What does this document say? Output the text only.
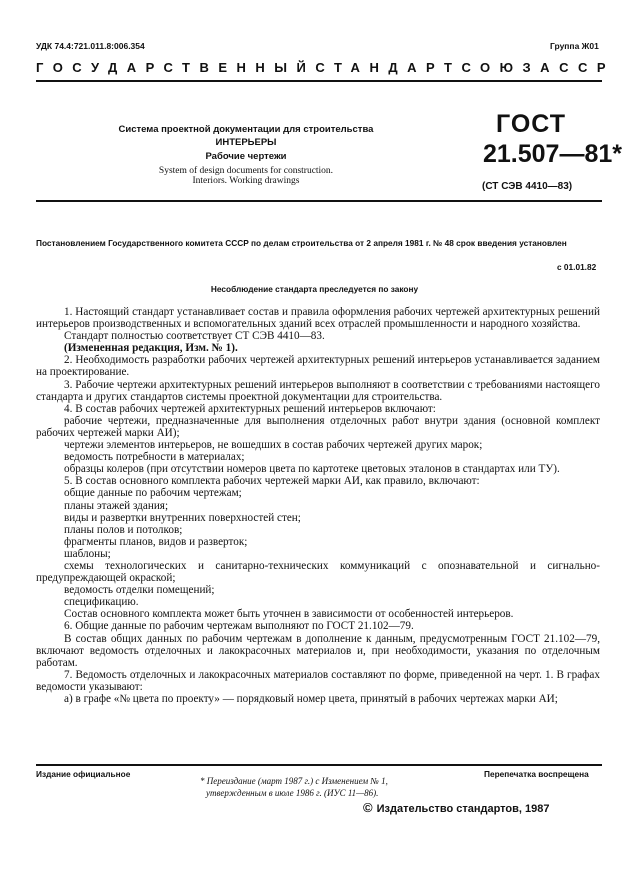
УДК 74.4:721.011.8:006.354	Группа Ж01
ГОСУДАРСТВЕННЫЙ СТАНДАРТ СОЮЗА ССР
Система проектной документации для строительства
ИНТЕРЬЕРЫ
Рабочие чертежи
System of design documents for construction.
Interiors. Working drawings
ГОСТ
21.507—81*
(СТ СЭВ 4410—83)
Постановлением Государственного комитета СССР по делам строительства от 2 апреля 1981 г. № 48 срок введения установлен
с 01.01.82
Несоблюдение стандарта преследуется по закону

1. Настоящий стандарт устанавливает состав и правила оформления рабочих чертежей архитектурных решений интерьеров производственных и вспомогательных зданий всех отраслей промышленности и народного хозяйства.

Стандарт полностью соответствует СТ СЭВ 4410—83.

(Измененная редакция, Изм. № 1).

2. Необходимость разработки рабочих чертежей архитектурных решений интерьеров устанавливается заданием на проектирование.

3. Рабочие чертежи архитектурных решений интерьеров выполняют в соответствии с требованиями настоящего стандарта и других стандартов системы проектной документации для строительства.

4. В состав рабочих чертежей архитектурных решений интерьеров включают:

рабочие чертежи, предназначенные для выполнения отделочных работ внутри здания (основной комплект рабочих чертежей марки АИ);

чертежи элементов интерьеров, не вошедших в состав рабочих чертежей других марок;

ведомость потребности в материалах;

образцы колеров (при отсутствии номеров цвета по картотеке цветовых эталонов в стандартах или ТУ).

5. В состав основного комплекта рабочих чертежей марки АИ, как правило, включают:

общие данные по рабочим чертежам;

планы этажей здания;

виды и развертки внутренних поверхностей стен;

планы полов и потолков;

фрагменты планов, видов и разверток;

шаблоны;

схемы технологических и санитарно-технических коммуникаций с опознавательной и сигнально-предупреждающей окраской;

ведомость отделки помещений;

спецификацию.

Состав основного комплекта может быть уточнен в зависимости от особенностей интерьеров.

6. Общие данные по рабочим чертежам выполняют по ГОСТ 21.102—79.

В состав общих данных по рабочим чертежам в дополнение к данным, предусмотренным ГОСТ 21.102—79, включают ведомость отделочных и лакокрасочных материалов и, при необходимости, указания по отделочным работам.

7. Ведомость отделочных и лакокрасочных материалов составляют по форме, приведенной на черт. 1. В графах ведомости указывают:

а) в графе «№ цвета по проекту» — порядковый номер цвета, принятый в рабочих чертежах марки АИ;

Издание официальное	Перепечатка воспрещена
* Переиздание (март 1987 г.) с Изменением № 1,
утвержденным в июле 1986 г. (ИУС 11—86).
© Издательство стандартов, 1987
